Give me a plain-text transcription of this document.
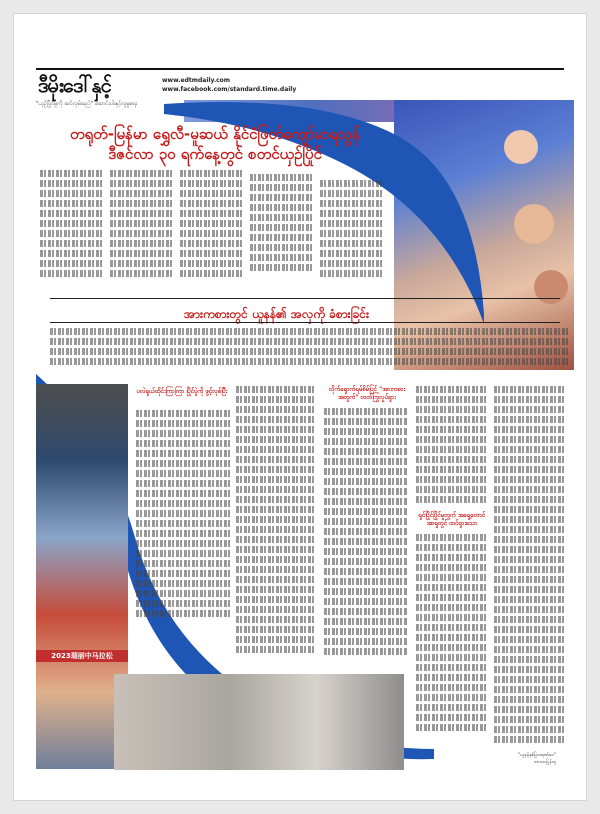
ဒီမိုးဒေါ်နှင့်	www.edtmdaily.com
www.facebook.com/standard.time.daily
"ယှဉ်ပြိုင်မှုကို ဆင်လှမ်းမည်" ဆောင်းပါးနှင့်လူမှုရေး
တရုတ်-မြန်မာ ရွှေလီ-မူဆယ် နိုင်ငံဖြတ်ကျော်မာရသွန်
ဒီဇင်လာ ၃၀ ရက်နေ့တွင် စတင်ယှဉ်ပြိုင်
အားကစားတွင် ယူနန်၏ အလှကို ခံစားခြင်း
2023瑞丽中马拉松
ပလဲရှယ်ထိုင်းကြာကြာ ပြိုင်ပွဲကို ဖွင့်လှစ်ပြီး	လိုက်ရှောက်ရမ်စိမ်ပြင် "အားကစားအတွက်" တတ်ကြွလှုပ်ရှား
ရှင်ပြိုင်ပြိုင်မှုတွက် အရှေ့တောင်အာရှတွင် ထင်ရှားသော
"ယူနန်နှစ်ပြားထုတ်ဝေ"
ဘာသာပြန်သူ
